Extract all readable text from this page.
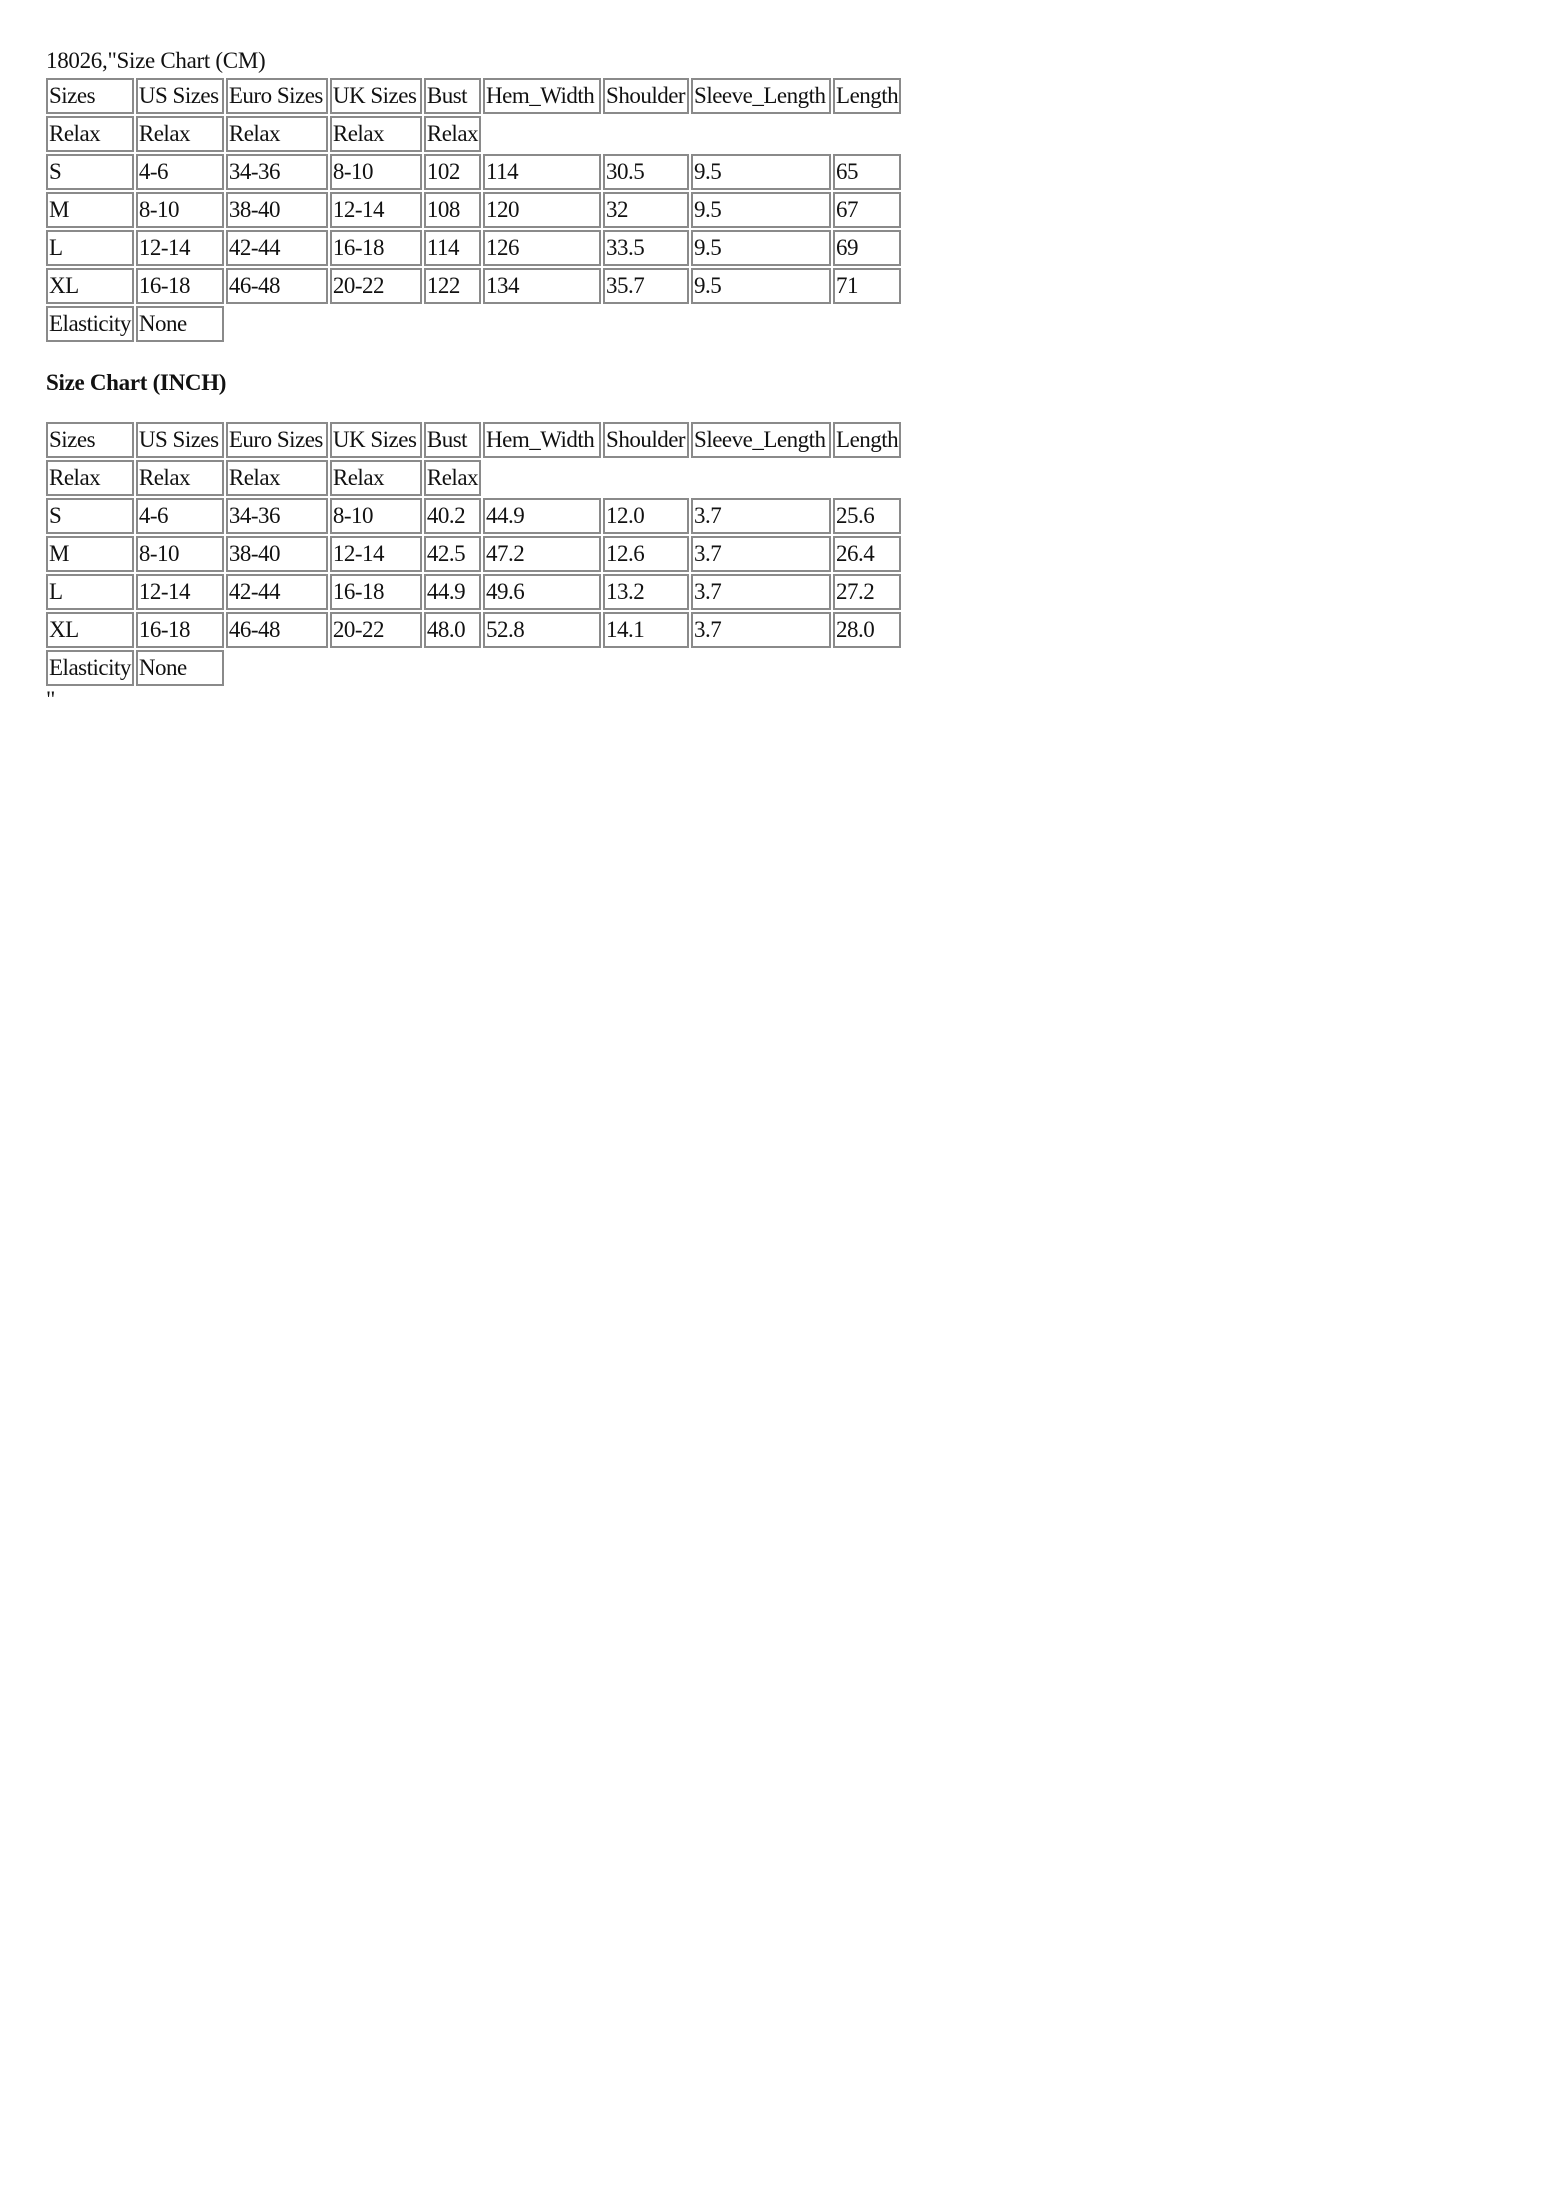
18026,"Size Chart (CM)
Sizes	US Sizes	Euro Sizes	UK Sizes	Bust	Hem_Width	Shoulder	Sleeve_Length	Length
Relax	Relax	Relax	Relax	Relax				
S	4-6	34-36	8-10	102	114	30.5	9.5	65
M	8-10	38-40	12-14	108	120	32	9.5	67
L	12-14	42-44	16-18	114	126	33.5	9.5	69
XL	16-18	46-48	20-22	122	134	35.7	9.5	71
Elasticity	None							
Size Chart (INCH)
Sizes	US Sizes	Euro Sizes	UK Sizes	Bust	Hem_Width	Shoulder	Sleeve_Length	Length
Relax	Relax	Relax	Relax	Relax				
S	4-6	34-36	8-10	40.2	44.9	12.0	3.7	25.6
M	8-10	38-40	12-14	42.5	47.2	12.6	3.7	26.4
L	12-14	42-44	16-18	44.9	49.6	13.2	3.7	27.2
XL	16-18	46-48	20-22	48.0	52.8	14.1	3.7	28.0
Elasticity	None							
"
